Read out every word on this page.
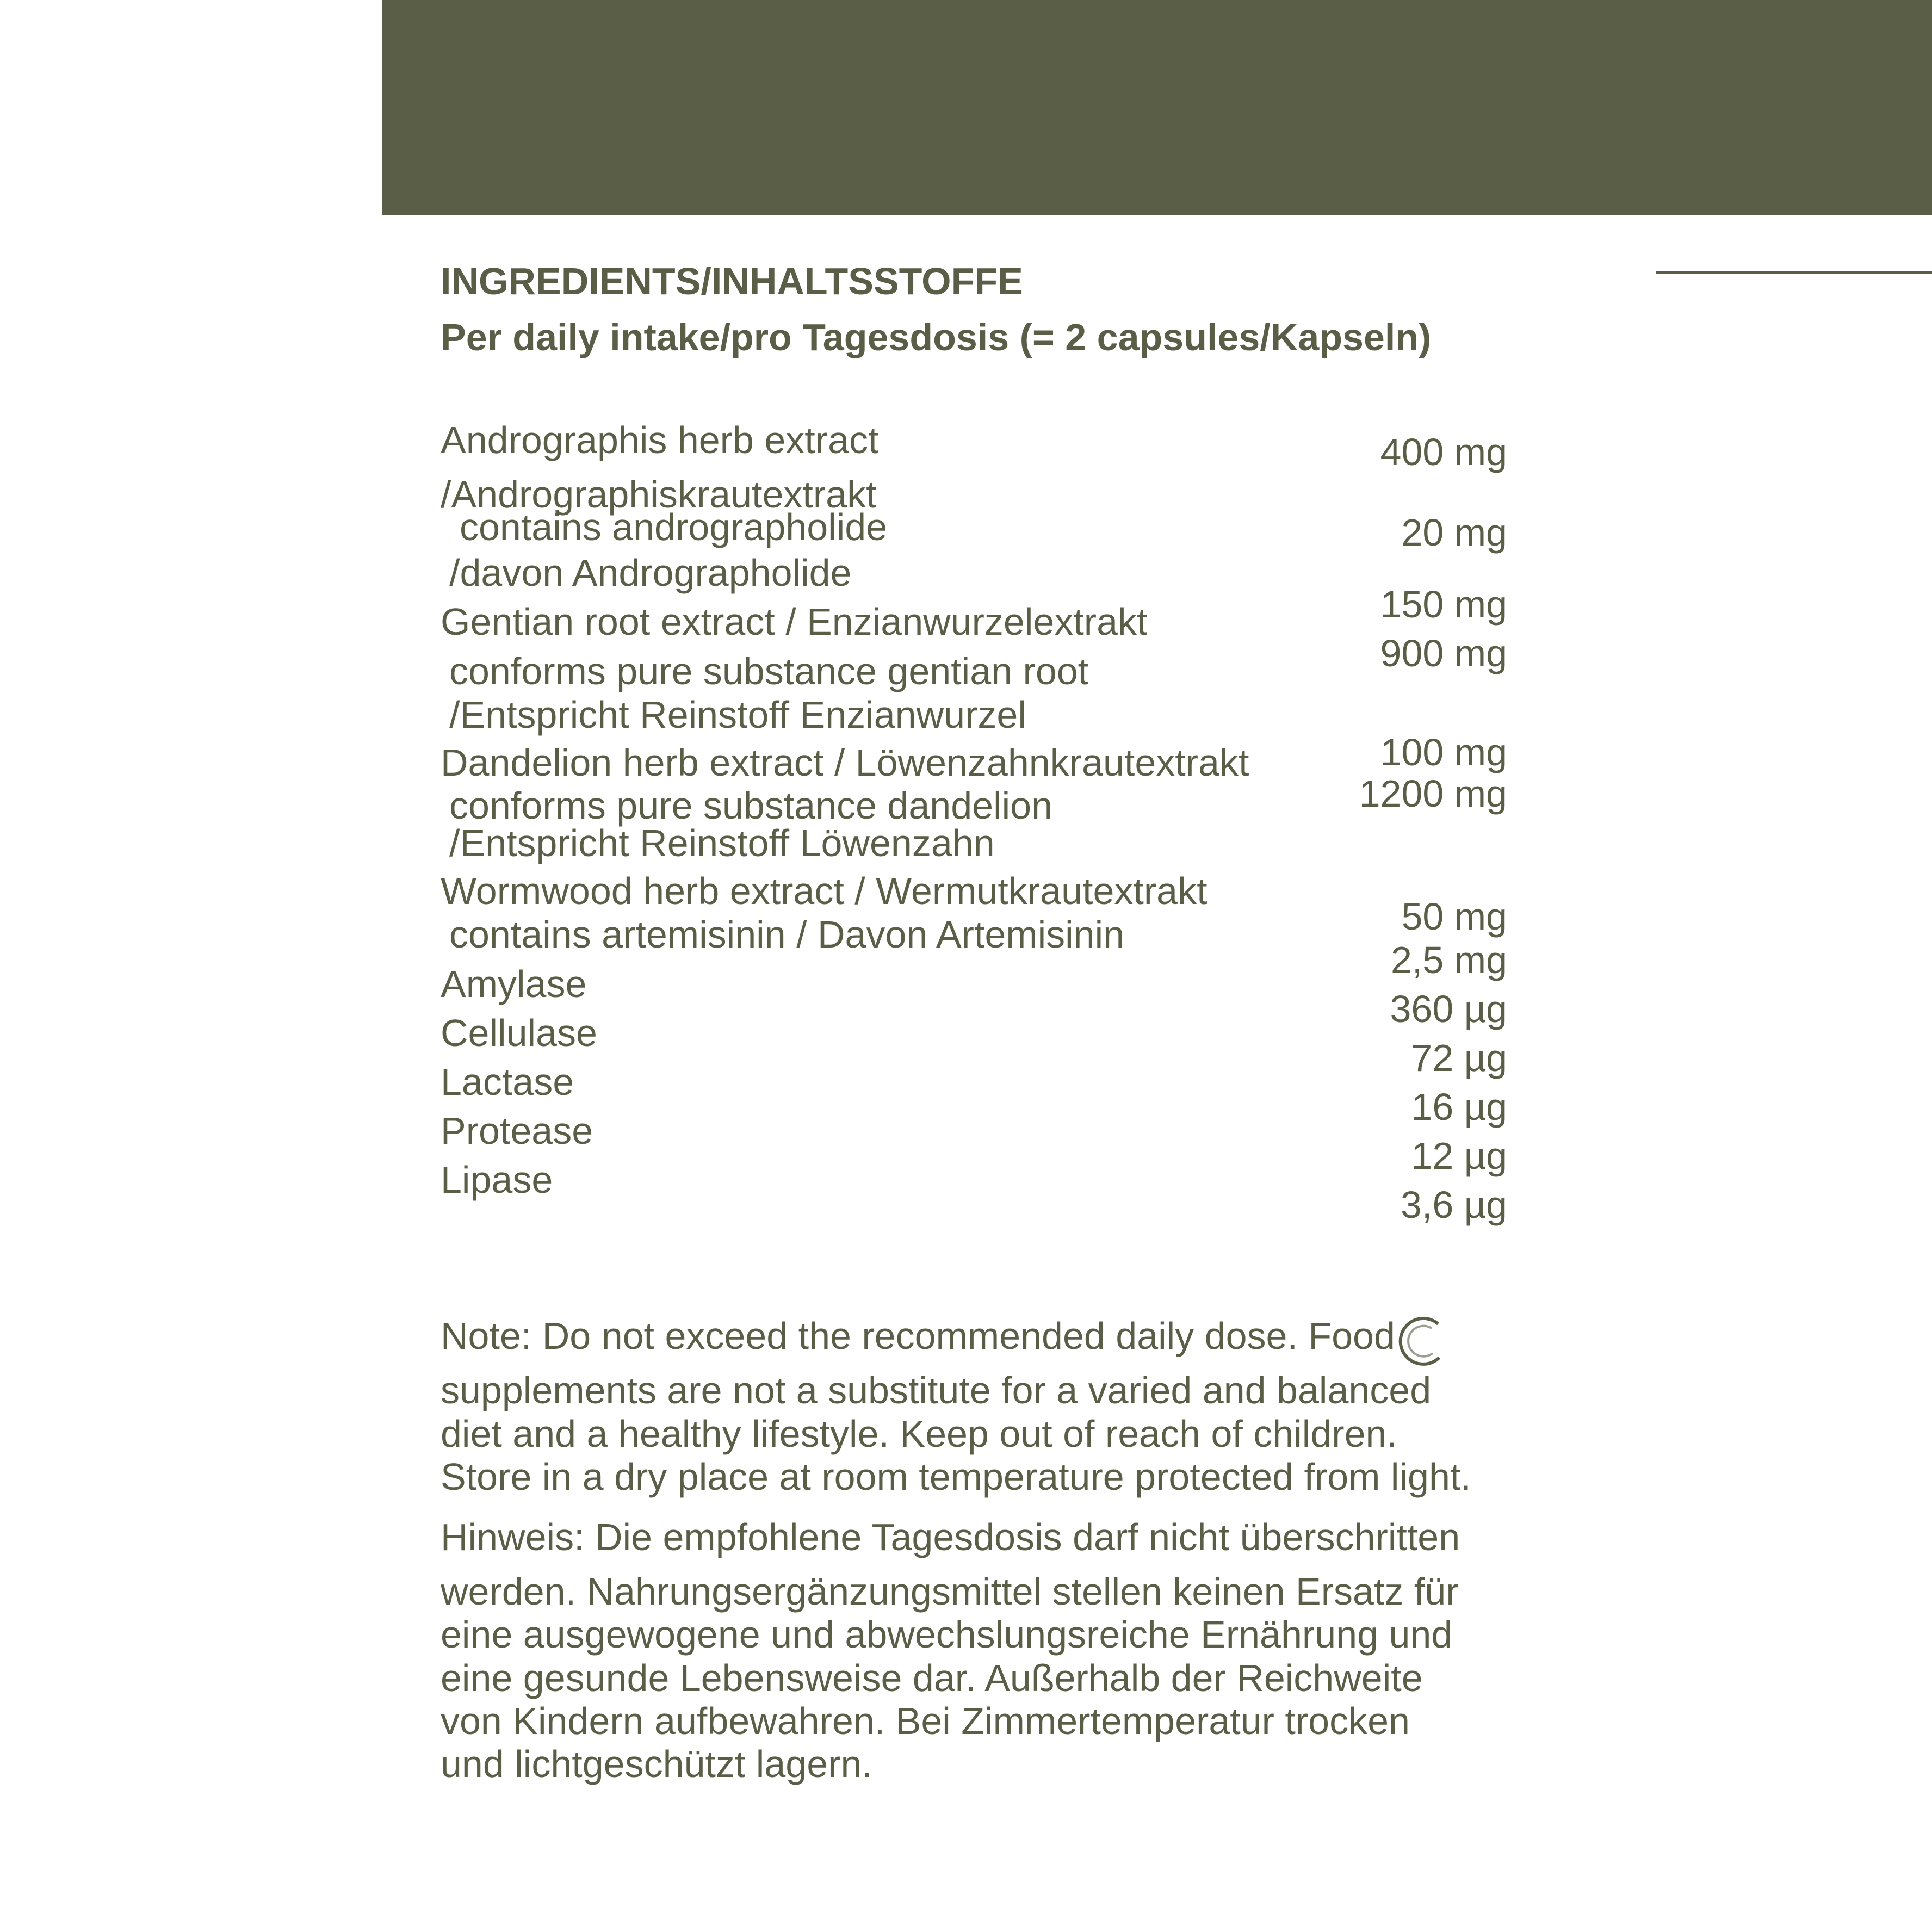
INGREDIENTS/INHALTSSTOFFE
Per daily intake/pro Tagesdosis (= 2 capsules/Kapseln)
Andrographis herb extract
/Andrographiskrautextrakt
contains andrographolide
/davon Andrographolide
Gentian root extract / Enzianwurzelextrakt
conforms pure substance gentian root
/Entspricht Reinstoff Enzianwurzel
Dandelion herb extract / Löwenzahnkrautextrakt
conforms pure substance dandelion
/Entspricht Reinstoff Löwenzahn
Wormwood herb extract / Wermutkrautextrakt
contains artemisinin / Davon Artemisinin
Amylase
Cellulase
Lactase
Protease
Lipase
400 mg
20 mg
150 mg
900 mg
100 mg
1200 mg
50 mg
2,5 mg
360 µg
72 µg
16 µg
12 µg
3,6 µg
Note: Do not exceed the recommended daily dose. Food
supplements are not a substitute for a varied and balanced
diet and a healthy lifestyle. Keep out of reach of children.
Store in a dry place at room temperature protected from light.
Hinweis: Die empfohlene Tagesdosis darf nicht überschritten
werden. Nahrungsergänzungsmittel stellen keinen Ersatz für
eine ausgewogene und abwechslungsreiche Ernährung und
eine gesunde Lebensweise dar. Außerhalb der Reichweite
von Kindern aufbewahren. Bei Zimmertemperatur trocken
und lichtgeschützt lagern.
